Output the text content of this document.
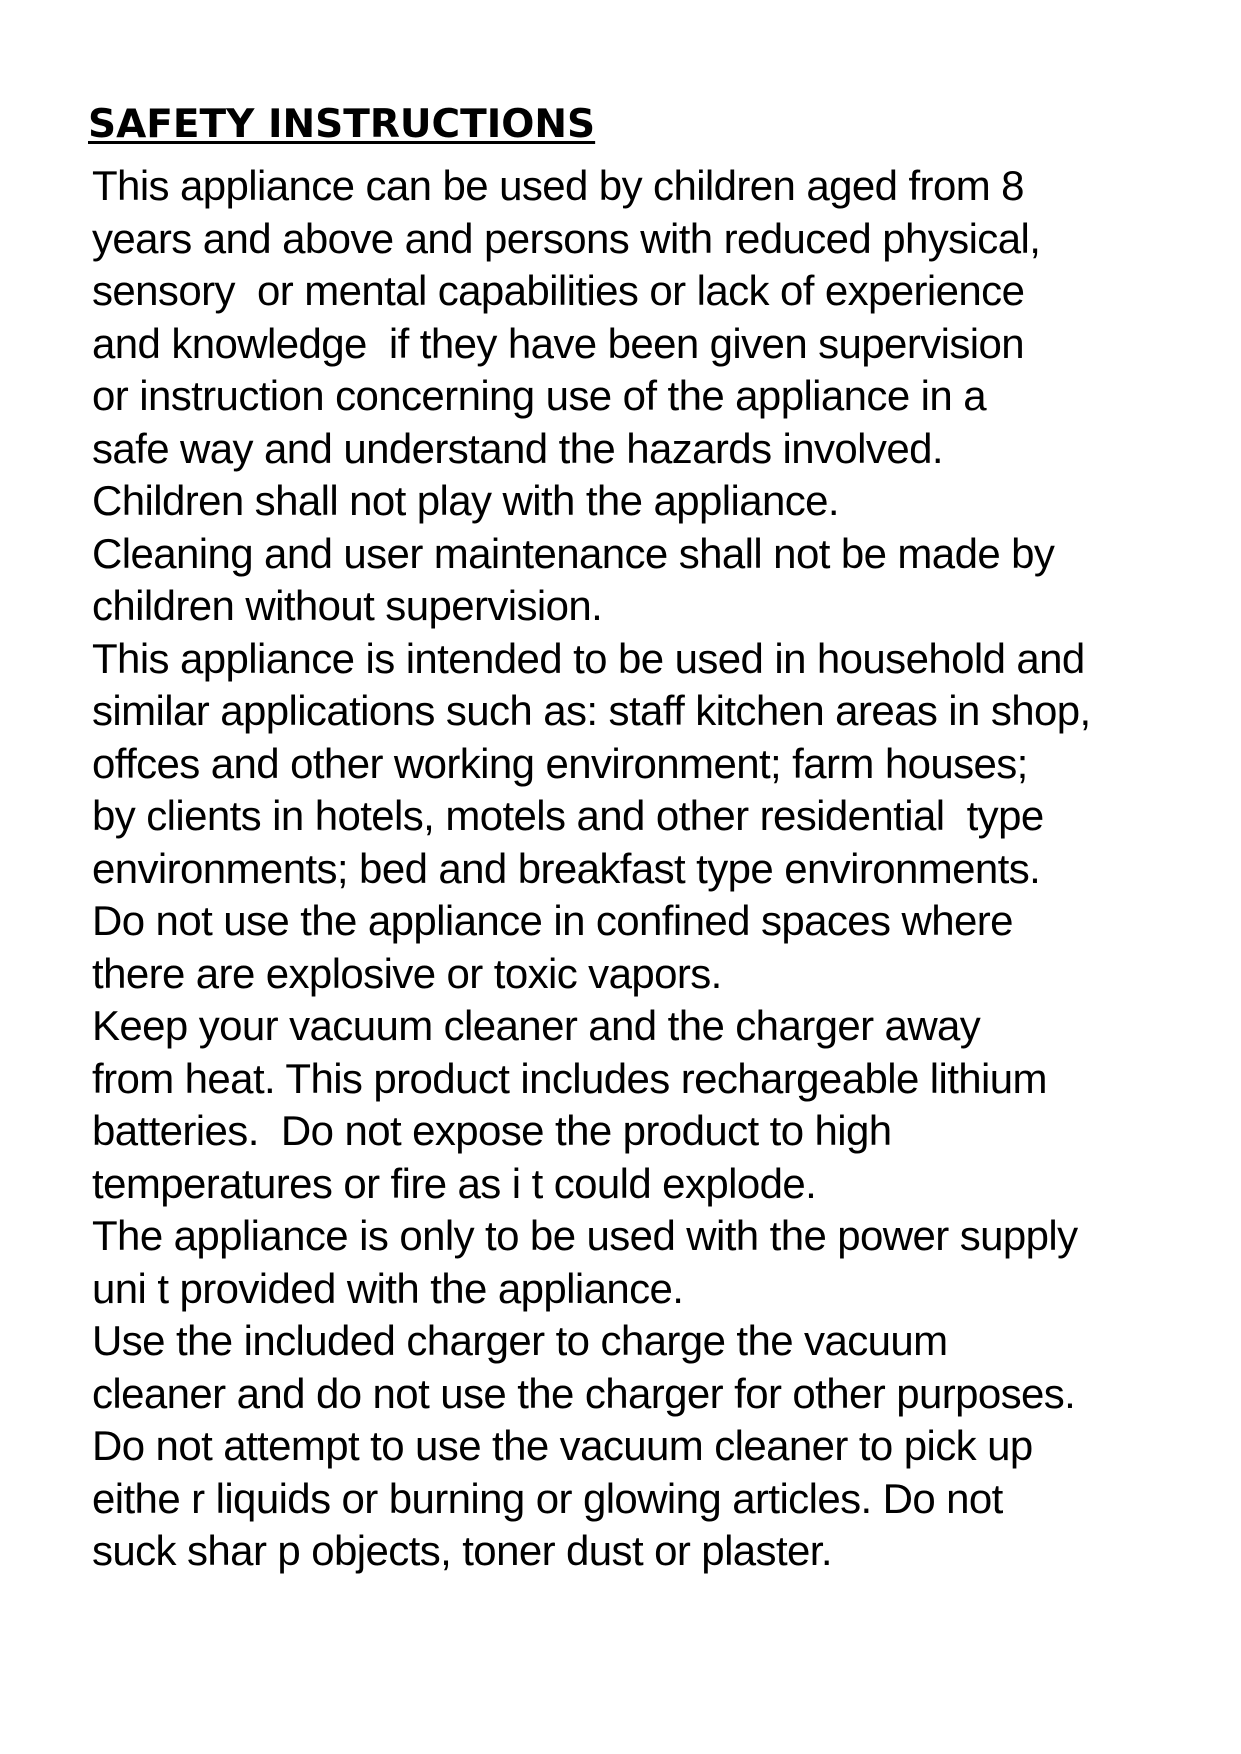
SAFETY INSTRUCTIONS
This appliance can be used by children aged from 8
years and above and persons with reduced physical,
sensory  or mental capabilities or lack of experience
and knowledge  if they have been given supervision
or instruction concerning use of the appliance in a
safe way and understand the hazards involved.
Children shall not play with the appliance.
Cleaning and user maintenance shall not be made by
children without supervision.
This appliance is intended to be used in household and
similar applications such as: staff kitchen areas in shop,
offces and other working environment; farm houses;
by clients in hotels, motels and other residential  type
environments; bed and breakfast type environments.
Do not use the appliance in confined spaces where
there are explosive or toxic vapors.
Keep your vacuum cleaner and the charger away
from heat. This product includes rechargeable lithium
batteries.  Do not expose the product to high
temperatures or fire as i t could explode.
The appliance is only to be used with the power supply
uni t provided with the appliance.
Use the included charger to charge the vacuum
cleaner and do not use the charger for other purposes.
Do not attempt to use the vacuum cleaner to pick up
eithe r liquids or burning or glowing articles. Do not
suck shar p objects, toner dust or plaster.
